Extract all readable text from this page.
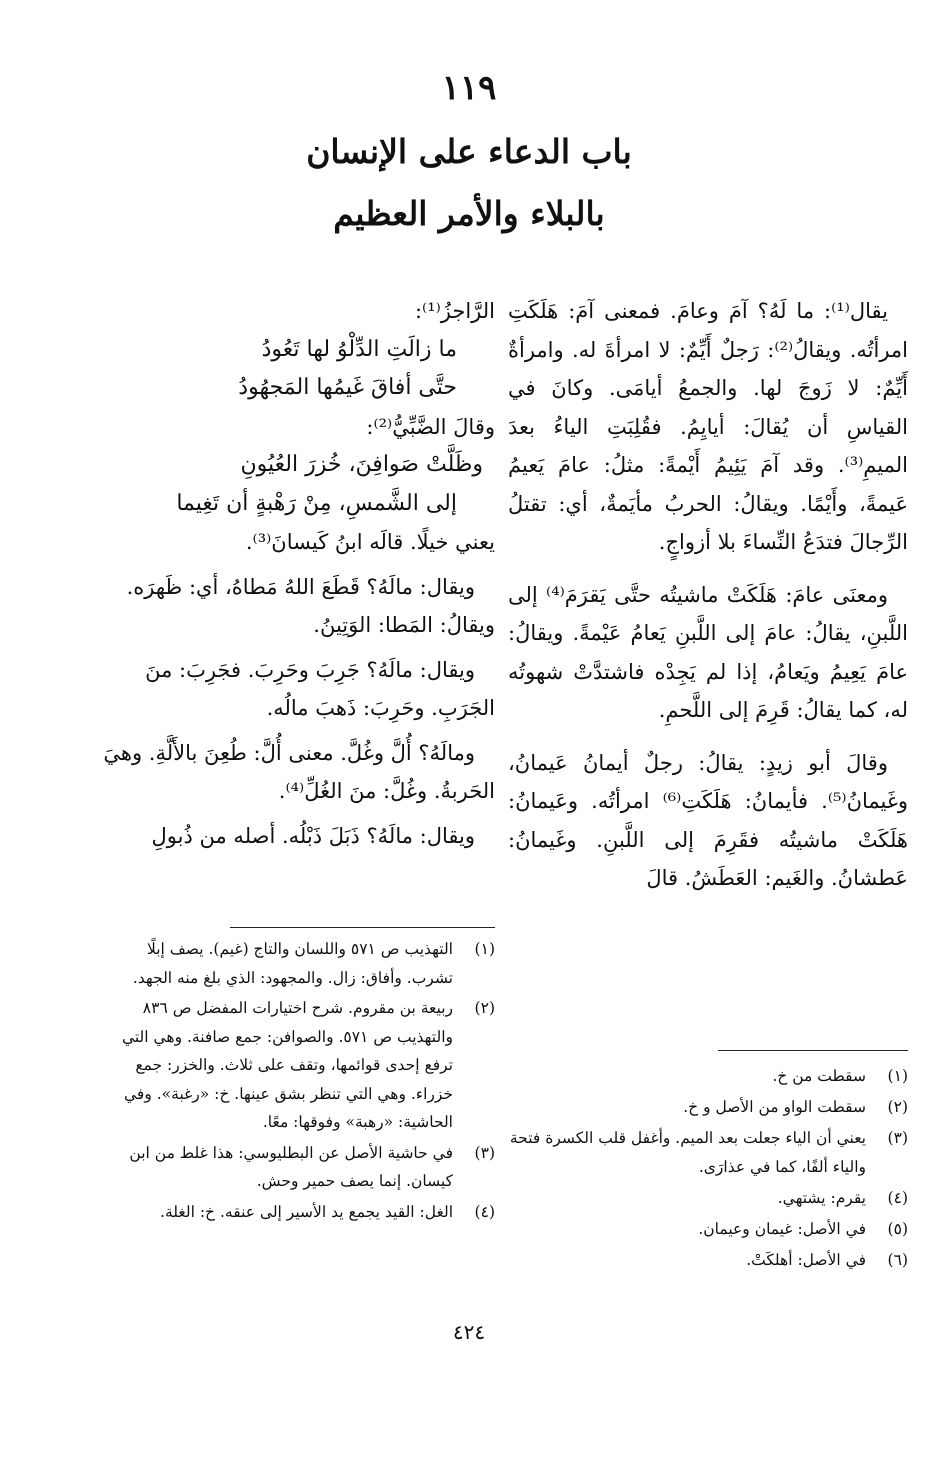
١١٩
باب الدعاء على الإنسان
بالبلاء والأمر العظيم

يقال⁽¹⁾: ما لَهُ؟ آمَ وعامَ. فمعنى آمَ: هَلَكَتِ امرأتُه. ويقالُ⁽²⁾: رَجلٌ أَيِّمٌ: لا امرأةَ له. وامرأةٌ أَيِّمٌ: لا زَوجَ لها. والجمعُ أيامَى. وكانَ في القياسِ أن يُقالَ: أيايِمُ. فقُلِبَتِ الياءُ بعدَ الميمِ⁽³⁾. وقد آمَ يَئِيمُ أَيْمةً: مثلُ: عامَ يَعيمُ عَيمةً، وأَيْمًا. ويقالُ: الحربُ مأيَمةٌ، أي: تقتلُ الرِّجالَ فتدَعُ النِّساءَ بلا أزواجٍ.

ومعنَى عامَ: هَلَكَتْ ماشيتُه حتَّى يَقرَمَ⁽⁴⁾ إلى اللَّبنِ، يقالُ: عامَ إلى اللَّبنِ يَعامُ عَيْمةً. ويقالُ: عامَ يَعِيمُ ويَعامُ، إذا لم يَجِدْه فاشتدَّتْ شهوتُه له، كما يقالُ: قَرِمَ إلى اللَّحمِ.

وقالَ أبو زيدٍ: يقالُ: رجلٌ أيمانُ عَيمانُ، وغَيمانُ⁽⁵⁾. فأيمانُ: هَلَكَتِ⁽⁶⁾ امرأتُه. وعَيمانُ: هَلَكَتْ ماشيتُه فقَرِمَ إلى اللَّبنِ. وغَيمانُ: عَطشانُ. والغَيم: العَطَشُ. قالَ

الرَّاجزُ⁽¹⁾:

ما زالَتِ الدِّلْوُ لها تَعُودُ

حتَّى أفاقَ غَيمُها المَجهُودُ

وقالَ الضَّبِّيُّ⁽²⁾:

وظَلَّتْ صَوافِنَ، خُزرَ العُيُونِ

إلى الشَّمسِ، مِنْ رَهْبةٍ أن تَغِيما

يعني خيلًا. قالَه ابنُ كَيسانَ⁽³⁾.

ويقال: مالَهُ؟ قَطَعَ اللهُ مَطاهُ، أي: ظَهرَه. ويقالُ: المَطا: الوَتِينُ.

ويقال: مالَهُ؟ جَرِبَ وحَرِبَ. فجَرِبَ: منَ الجَرَبِ. وحَرِبَ: ذَهبَ مالُه.

ومالَهُ؟ أُلَّ وغُلَّ. معنى أُلَّ: طُعِنَ بالأَلَّةِ. وهيَ الحَربةُ. وغُلَّ: منَ الغُلِّ⁽⁴⁾.

ويقال: مالَهُ؟ ذَبَلَ ذَبْلُه. أصله من ذُبولِ

(١)
سقطت من خ.
(٢)
سقطت الواو من الأصل و خ.
(٣)
يعني أن الياء جعلت بعد الميم. وأغفل قلب الكسرة فتحة والياء ألفًا، كما في عذارَى.
(٤)
يقرم: يشتهي.
(٥)
في الأصل: غيمان وعيمان.
(٦)
في الأصل: أهلكَتْ.
(١)
التهذيب ص ٥٧١ واللسان والتاج (غيم). يصف إبلًا تشرب. وأفاق: زال. والمجهود: الذي بلغ منه الجهد.
(٢)
ربيعة بن مقروم. شرح اختيارات المفضل ص ٨٣٦ والتهذيب ص ٥٧١. والصوافن: جمع صافنة. وهي التي ترفع إحدى قوائمها، وتقف على ثلاث. والخزر: جمع خزراء. وهي التي تنظر بشق عينها. خ: «رغبة». وفي الحاشية: «رهبة» وفوقها: معًا.
(٣)
في حاشية الأصل عن البطليوسي: هذا غلط من ابن كيسان. إنما يصف حمير وحش.
(٤)
الغل: القيد يجمع يد الأسير إلى عنقه. خ: الغلة.
٤٢٤
